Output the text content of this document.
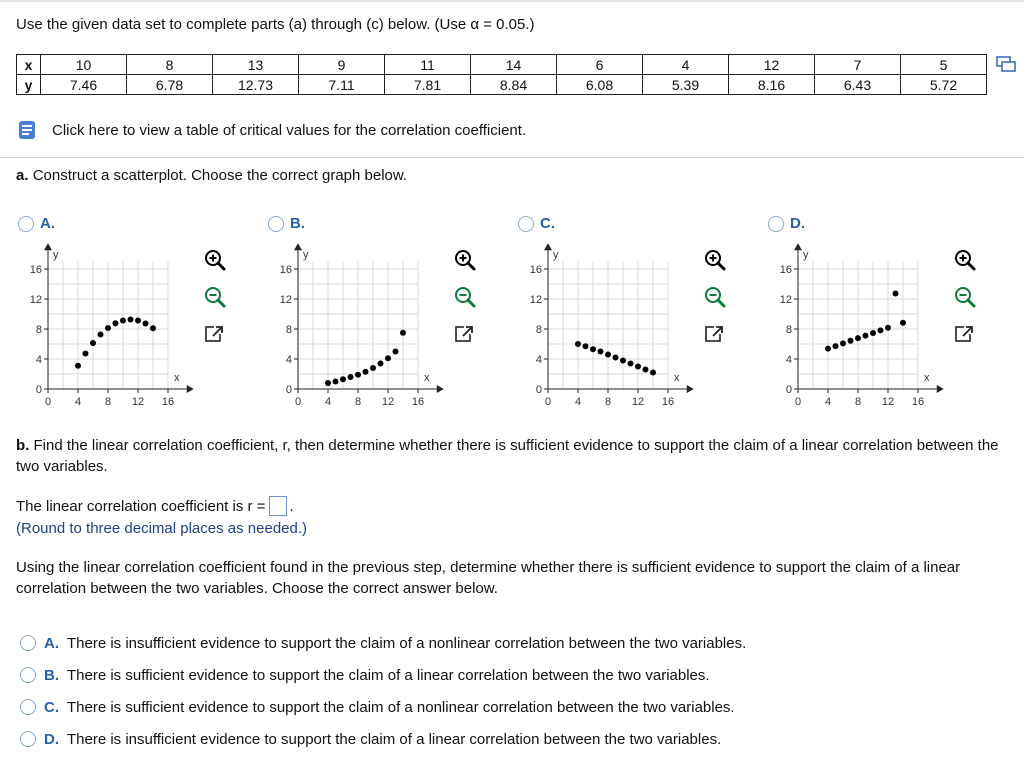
Use the given data set to complete parts (a) through (c) below. (Use α = 0.05.)
x	10	8	13	9	11	14	6	4	12	7	5
y	7.46	6.78	12.73	7.11	7.81	8.84	6.08	5.39	8.16	6.43	5.72
Click here to view a table of critical values for the correlation coefficient.
a. Construct a scatterplot. Choose the correct graph below.
A.
0 4 8 12 16
16
12
8
4
0
x
y
B.
0 4 8 12 16
16
12
8
4
0
x
y
C.
0 4 8 12 16
16
12
8
4
0
x
y
D.
0 4 8 12 16
16
12
8
4
0
x
y
b. Find the linear correlation coefficient, r, then determine whether there is sufficient evidence to support the claim of a linear correlation between the two variables.
The linear correlation coefficient is r = .
(Round to three decimal places as needed.)
Using the linear correlation coefficient found in the previous step, determine whether there is sufficient evidence to support the claim of a linear correlation between the two variables. Choose the correct answer below.
A. There is insufficient evidence to support the claim of a nonlinear correlation between the two variables.
B. There is sufficient evidence to support the claim of a linear correlation between the two variables.
C. There is sufficient evidence to support the claim of a nonlinear correlation between the two variables.
D. There is insufficient evidence to support the claim of a linear correlation between the two variables.
